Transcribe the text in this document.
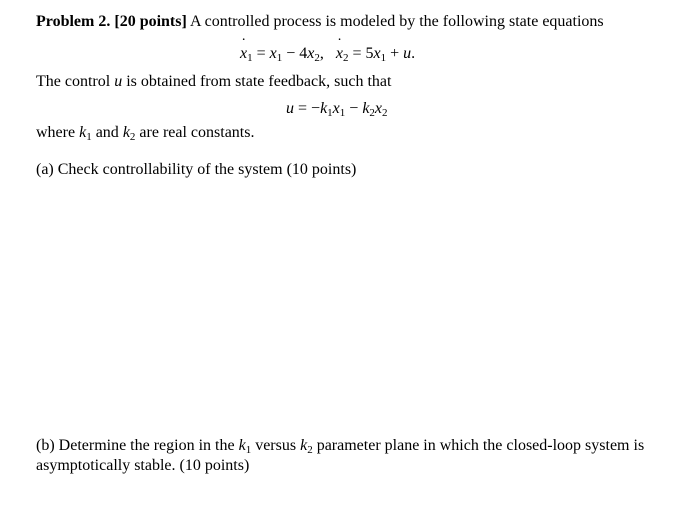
Problem 2. [20 points] A controlled process is modeled by the following state equations
˙ $x_1 = x_1$ − $4x_2,˙$ $x_2 = 5x_1 + u$.
The control u is obtained from state feedback, such that
$u = -k_1x_1 - k_2x_2$
where $k_1$ and $k_2$ are real constants.
(a) Check controllability of the system (10 points)
(b) Determine the region in the $k_1$ versus $k_2$ parameter plane in which the closed-loop system is
asymptotically stable. (10 points)
